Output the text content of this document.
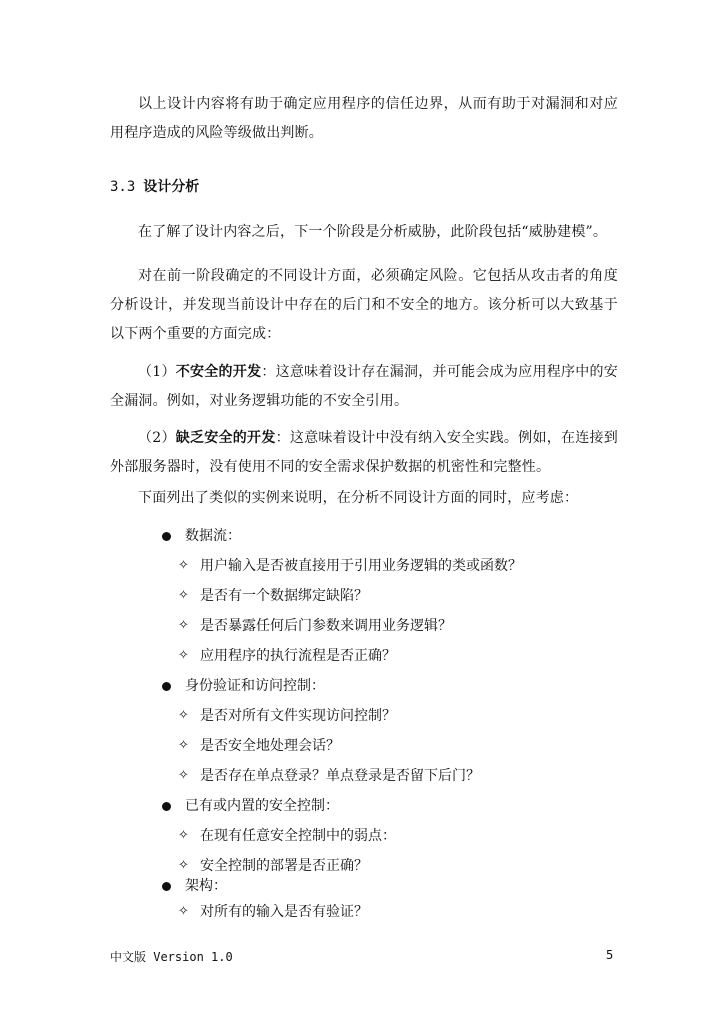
以上设计内容将有助于确定应用程序的信任边界，从而有助于对漏洞和对应用程序造成的风险等级做出判断。

3.3 设计分析

在了解了设计内容之后，下一个阶段是分析威胁，此阶段包括“威胁建模”。

对在前一阶段确定的不同设计方面，必须确定风险。它包括从攻击者的角度分析设计，并发现当前设计中存在的后门和不安全的地方。该分析可以大致基于以下两个重要的方面完成：

（1）不安全的开发：这意味着设计存在漏洞，并可能会成为应用程序中的安全漏洞。例如，对业务逻辑功能的不安全引用。

（2）缺乏安全的开发：这意味着设计中没有纳入安全实践。例如，在连接到外部服务器时，没有使用不同的安全需求保护数据的机密性和完整性。

下面列出了类似的实例来说明，在分析不同设计方面的同时，应考虑：

数据流：
✧ 用户输入是否被直接用于引用业务逻辑的类或函数？
✧ 是否有一个数据绑定缺陷？
✧ 是否暴露任何后门参数来调用业务逻辑？
✧ 应用程序的执行流程是否正确？
身份验证和访问控制：
✧ 是否对所有文件实现访问控制？
✧ 是否安全地处理会话？
✧ 是否存在单点登录？单点登录是否留下后门？
已有或内置的安全控制：
✧ 在现有任意安全控制中的弱点：
✧ 安全控制的部署是否正确？
架构：
✧ 对所有的输入是否有验证？
中文版 Version 1.0	5
